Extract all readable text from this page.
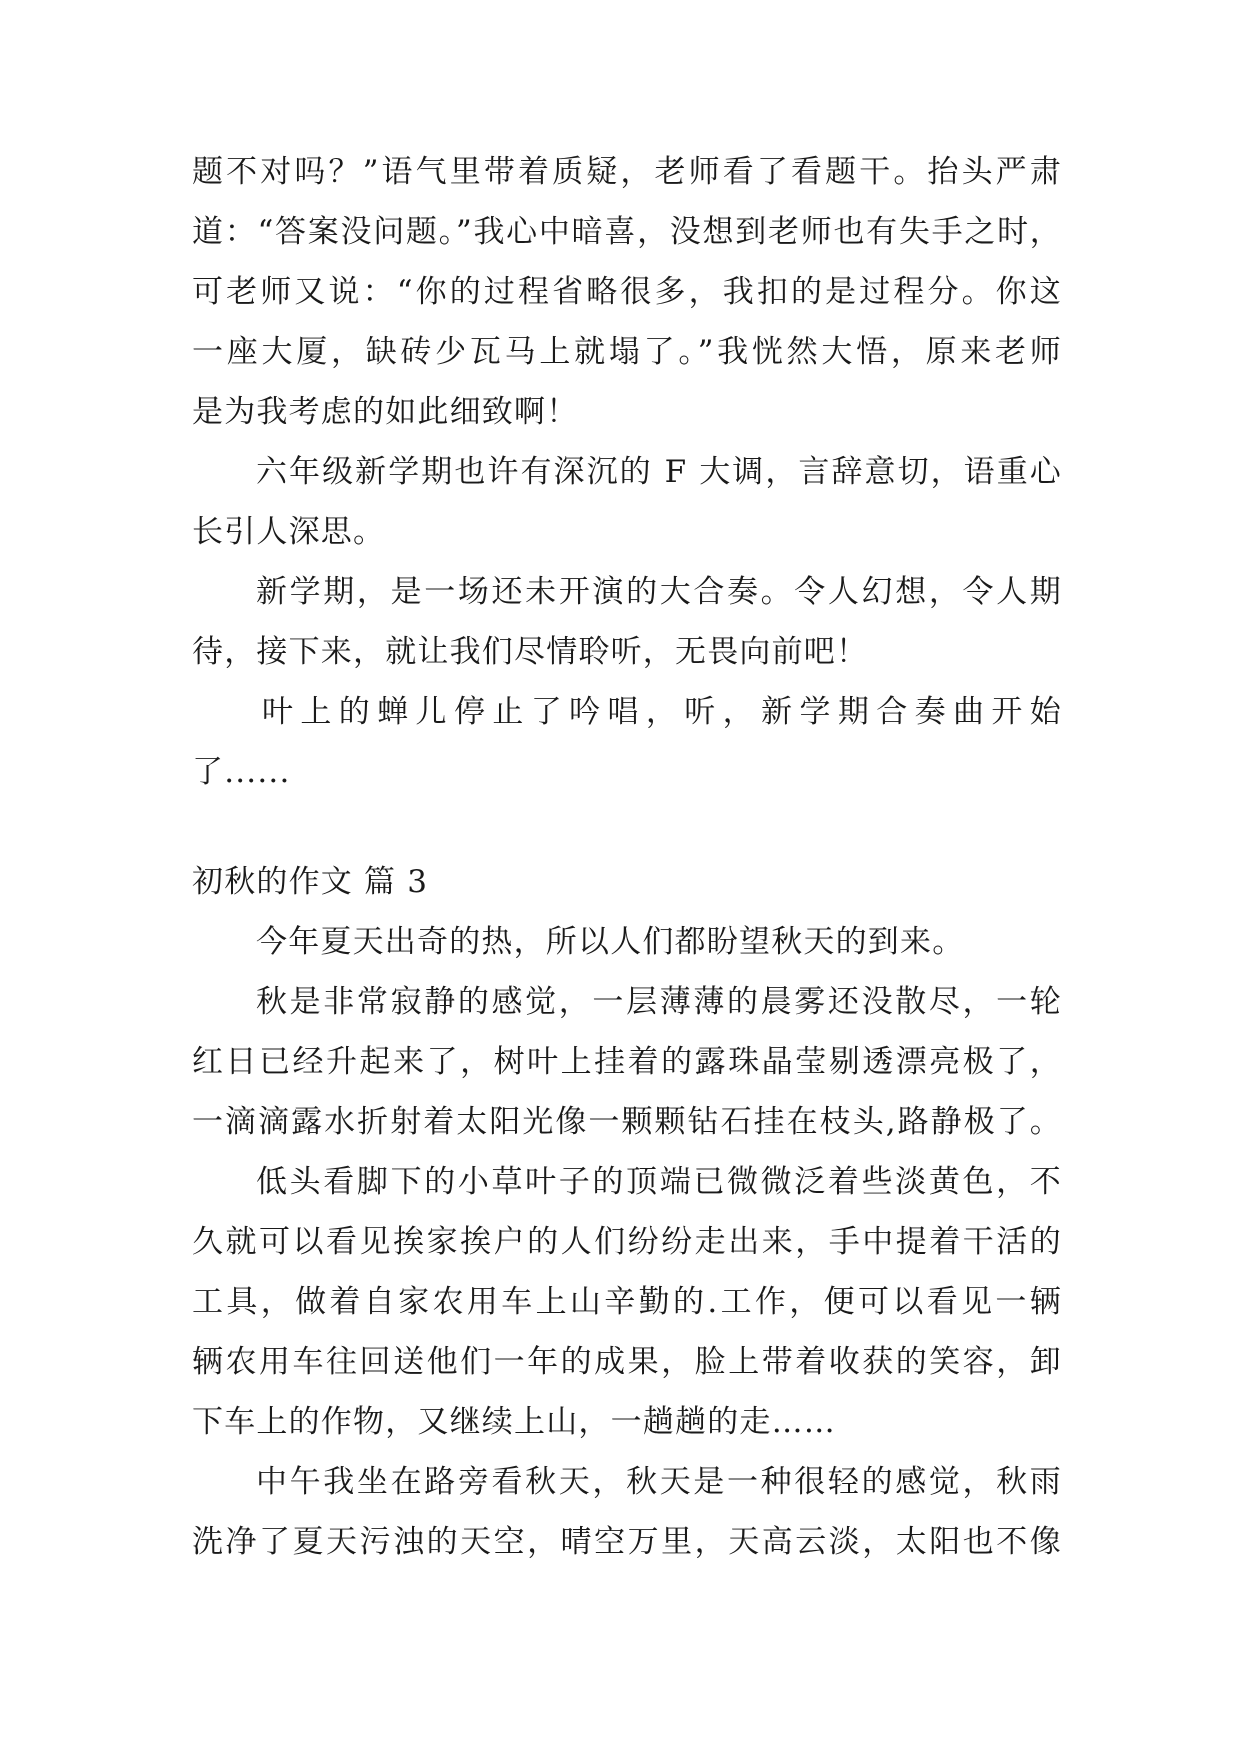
题不对吗？”语气里带着质疑，老师看了看题干。抬头严肃
道：“答案没问题。”我心中暗喜，没想到老师也有失手之时，
可老师又说：“你的过程省略很多，我扣的是过程分。你这
一座大厦，缺砖少瓦马上就塌了。”我恍然大悟，原来老师
是为我考虑的如此细致啊！
六年级新学期也许有深沉的 F 大调，言辞意切，语重心
长引人深思。
新学期，是一场还未开演的大合奏。令人幻想，令人期
待，接下来，就让我们尽情聆听，无畏向前吧！
叶上的蝉儿停止了吟唱，听，新学期合奏曲开始
了......
初秋的作文 篇 3
今年夏天出奇的热，所以人们都盼望秋天的到来。
秋是非常寂静的感觉，一层薄薄的晨雾还没散尽，一轮
红日已经升起来了，树叶上挂着的露珠晶莹剔透漂亮极了，
一滴滴露水折射着太阳光像一颗颗钻石挂在枝头,路静极了。
低头看脚下的小草叶子的顶端已微微泛着些淡黄色，不
久就可以看见挨家挨户的人们纷纷走出来，手中提着干活的
工具，做着自家农用车上山辛勤的.工作，便可以看见一辆
辆农用车往回送他们一年的成果，脸上带着收获的笑容，卸
下车上的作物，又继续上山，一趟趟的走……
中午我坐在路旁看秋天，秋天是一种很轻的感觉，秋雨
洗净了夏天污浊的天空，晴空万里，天高云淡，太阳也不像
